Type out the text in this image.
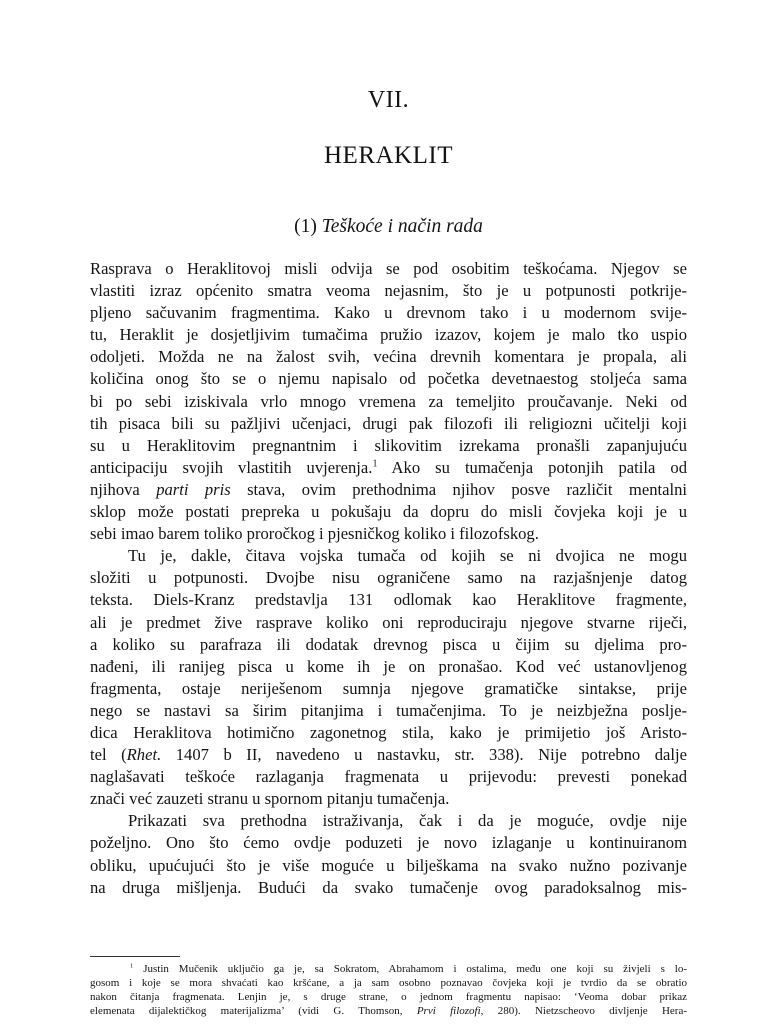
VII.
HERAKLIT
(1) Teškoće i način rada
Rasprava o Heraklitovoj misli odvija se pod osobitim teškoćama. Njegov se
vlastiti izraz općenito smatra veoma nejasnim, što je u potpunosti potkrije-
pljeno sačuvanim fragmentima. Kako u drevnom tako i u modernom svije-
tu, Heraklit je dosjetljivim tumačima pružio izazov, kojem je malo tko uspio
odoljeti. Možda ne na žalost svih, većina drevnih komentara je propala, ali
količina onog što se o njemu napisalo od početka devetnaestog stoljeća sama
bi po sebi iziskivala vrlo mnogo vremena za temeljito proučavanje. Neki od
tih pisaca bili su pažljivi učenjaci, drugi pak filozofi ili religiozni učitelji koji
su u Heraklitovim pregnantnim i slikovitim izrekama pronašli zapanjujuću
anticipaciju svojih vlastitih uvjerenja.$^1$ Ako su tumačenja potonjih patila od
njihova parti pris stava, ovim prethodnima njihov posve različit mentalni
sklop može postati prepreka u pokušaju da dopru do misli čovjeka koji je u
sebi imao barem toliko proročkog i pjesničkog koliko i filozofskog.
Tu je, dakle, čitava vojska tumača od kojih se ni dvojica ne mogu
složiti u potpunosti. Dvojbe nisu ograničene samo na razjašnjenje datog
teksta. Diels-Kranz predstavlja 131 odlomak kao Heraklitove fragmente,
ali je predmet žive rasprave koliko oni reproduciraju njegove stvarne riječi,
a koliko su parafraza ili dodatak drevnog pisca u čijim su djelima pro-
nađeni, ili ranijeg pisca u kome ih je on pronašao. Kod već ustanovljenog
fragmenta, ostaje neriješenom sumnja njegove gramatičke sintakse, prije
nego se nastavi sa širim pitanjima i tumačenjima. To je neizbježna poslje-
dica Heraklitova hotimično zagonetnog stila, kako je primijetio još Aristo-
tel (Rhet. 1407 b II, navedeno u nastavku, str. 338). Nije potrebno dalje
naglašavati teškoće razlaganja fragmenata u prijevodu: prevesti ponekad
znači već zauzeti stranu u spornom pitanju tumačenja.
Prikazati sva prethodna istraživanja, čak i da je moguće, ovdje nije
poželjno. Ono što ćemo ovdje poduzeti je novo izlaganje u kontinuiranom
obliku, upućujući što je više moguće u bilješkama na svako nužno pozivanje
na druga mišljenja. Budući da svako tumačenje ovog paradoksalnog mis-
$^1$ Justin Mučenik uključio ga je, sa Sokratom, Abrahamom i ostalima, među one koji su živjeli s lo-
gosom i koje se mora shvaćati kao kršćane, a ja sam osobno poznavao čovjeka koji je tvrdio da se obratio
nakon čitanja fragmenata. Lenjin je, s druge strane, o jednom fragmentu napisao: ‘Veoma dobar prikaz
elemenata dijalektičkog materijalizma’ (vidi G. Thomson, Prvi filozofi, 280). Nietzscheovo divljenje Hera-
